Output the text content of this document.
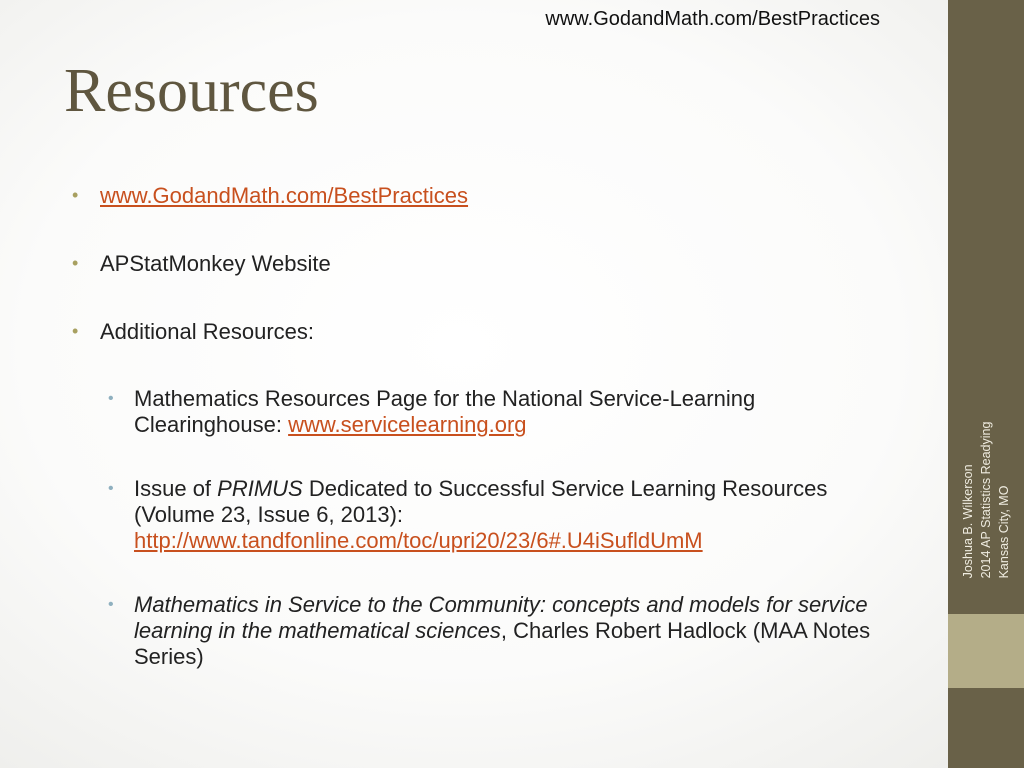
www.GodandMath.com/BestPractices
Resources
• www.GodandMath.com/BestPractices
• APStatMonkey Website
• Additional Resources:
• Mathematics Resources Page for the National Service-Learning Clearinghouse: www.servicelearning.org
• Issue of PRIMUS Dedicated to Successful Service Learning Resources (Volume 23, Issue 6, 2013): http://www.tandfonline.com/toc/upri20/23/6#.U4iSufldUmM
• Mathematics in Service to the Community: concepts and models for service learning in the mathematical sciences, Charles Robert Hadlock (MAA Notes Series)
Joshua B. Wilkerson 2014 AP Statistics Readying Kansas City, MO
